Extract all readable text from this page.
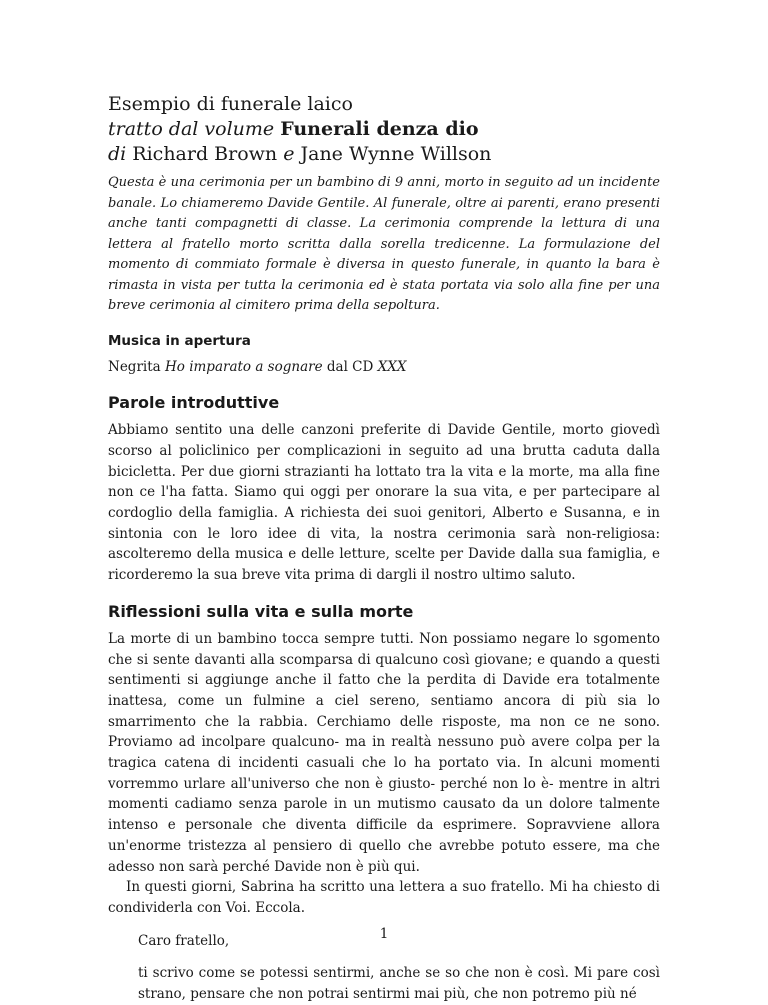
Esempio di funerale laico

tratto dal volume Funerali denza dio

di Richard Brown e Jane Wynne Willson

Questa è una cerimonia per un bambino di 9 anni, morto in seguito ad un incidente banale. Lo chiameremo Davide Gentile. Al funerale, oltre ai parenti, erano presenti anche tanti compagnetti di classe. La cerimonia comprende la lettura di una lettera al fratello morto scritta dalla sorella tredicenne. La formulazione del momento di commiato formale è diversa in questo funerale, in quanto la bara è rimasta in vista per tutta la cerimonia ed è stata portata via solo alla fine per una breve cerimonia al cimitero prima della sepoltura.

Musica in apertura

Negrita Ho imparato a sognare dal CD XXX

Parole introduttive

Abbiamo sentito una delle canzoni preferite di Davide Gentile, morto giovedì scorso al policlinico per complicazioni in seguito ad una brutta caduta dalla bicicletta. Per due giorni strazianti ha lottato tra la vita e la morte, ma alla fine non ce l'ha fatta. Siamo qui oggi per onorare la sua vita, e per partecipare al cordoglio della famiglia. A richiesta dei suoi genitori, Alberto e Susanna, e in sintonia con le loro idee di vita, la nostra cerimonia sarà non-religiosa: ascolteremo della musica e delle letture, scelte per Davide dalla sua famiglia, e ricorderemo la sua breve vita prima di dargli il nostro ultimo saluto.

Riflessioni sulla vita e sulla morte

La morte di un bambino tocca sempre tutti. Non possiamo negare lo sgomento che si sente davanti alla scomparsa di qualcuno così giovane; e quando a questi sentimenti si aggiunge anche il fatto che la perdita di Davide era totalmente inattesa, come un fulmine a ciel sereno, sentiamo ancora di più sia lo smarrimento che la rabbia. Cerchiamo delle risposte, ma non ce ne sono. Proviamo ad incolpare qualcuno- ma in realtà nessuno può avere colpa per la tragica catena di incidenti casuali che lo ha portato via. In alcuni momenti vorremmo urlare all'universo che non è giusto- perché non lo è- mentre in altri momenti cadiamo senza parole in un mutismo causato da un dolore talmente intenso e personale che diventa difficile da esprimere. Sopravviene allora un'enorme tristezza al pensiero di quello che avrebbe potuto essere, ma che adesso non sarà perché Davide non è più qui.

In questi giorni, Sabrina ha scritto una lettera a suo fratello. Mi ha chiesto di condividerla con Voi. Eccola.

Caro fratello,

ti scrivo come se potessi sentirmi, anche se so che non è così. Mi pare così strano, pensare che non potrai sentirmi mai più, che non potremo più né

1
